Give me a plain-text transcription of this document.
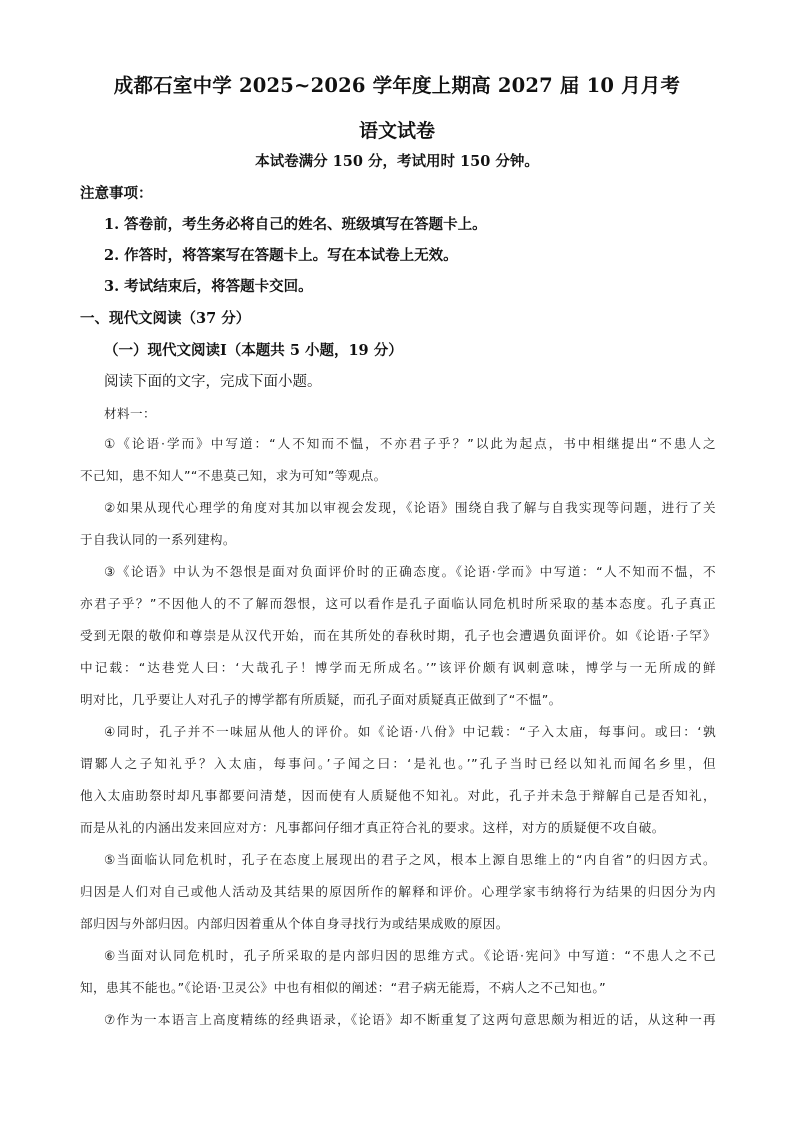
成都石室中学 2025~2026 学年度上期高 2027 届 10 月月考
语文试卷
本试卷满分 150 分，考试用时 150 分钟。
注意事项：
1. 答卷前，考生务必将自己的姓名、班级填写在答题卡上。
2. 作答时，将答案写在答题卡上。写在本试卷上无效。
3. 考试结束后，将答题卡交回。
一、现代文阅读（37 分）
（一）现代文阅读Ⅰ（本题共 5 小题，19 分）
阅读下面的文字，完成下面小题。
材料一：
①《论语·学而》中写道：“人不知而不愠，不亦君子乎？”以此为起点，书中相继提出“不患人之
不己知，患不知人”“不患莫己知，求为可知”等观点。
②如果从现代心理学的角度对其加以审视会发现，《论语》围绕自我了解与自我实现等问题，进行了关
于自我认同的一系列建构。
③《论语》中认为不怨恨是面对负面评价时的正确态度。《论语·学而》中写道：“人不知而不愠，不
亦君子乎？”不因他人的不了解而怨恨，这可以看作是孔子面临认同危机时所采取的基本态度。孔子真正
受到无限的敬仰和尊崇是从汉代开始，而在其所处的春秋时期，孔子也会遭遇负面评价。如《论语·子罕》
中记载：“达巷党人曰：‘大哉孔子！博学而无所成名。’”该评价颇有讽刺意味，博学与一无所成的鲜
明对比，几乎要让人对孔子的博学都有所质疑，而孔子面对质疑真正做到了“不愠”。
④同时，孔子并不一味屈从他人的评价。如《论语·八佾》中记载：“子入太庙，每事问。或曰：‘孰
谓鄹人之子知礼乎？入太庙，每事问。’子闻之曰：‘是礼也。’”孔子当时已经以知礼而闻名乡里，但
他入太庙助祭时却凡事都要问清楚，因而使有人质疑他不知礼。对此，孔子并未急于辩解自己是否知礼，
而是从礼的内涵出发来回应对方：凡事都问仔细才真正符合礼的要求。这样，对方的质疑便不攻自破。
⑤当面临认同危机时，孔子在态度上展现出的君子之风，根本上源自思维上的“内自省”的归因方式。
归因是人们对自己或他人活动及其结果的原因所作的解释和评价。心理学家韦纳将行为结果的归因分为内
部归因与外部归因。内部归因着重从个体自身寻找行为或结果成败的原因。
⑥当面对认同危机时，孔子所采取的是内部归因的思维方式。《论语·宪问》中写道：“不患人之不己
知，患其不能也。”《论语·卫灵公》中也有相似的阐述：“君子病无能焉，不病人之不己知也。”
⑦作为一本语言上高度精练的经典语录，《论语》却不断重复了这两句意思颇为相近的话，从这种一再
